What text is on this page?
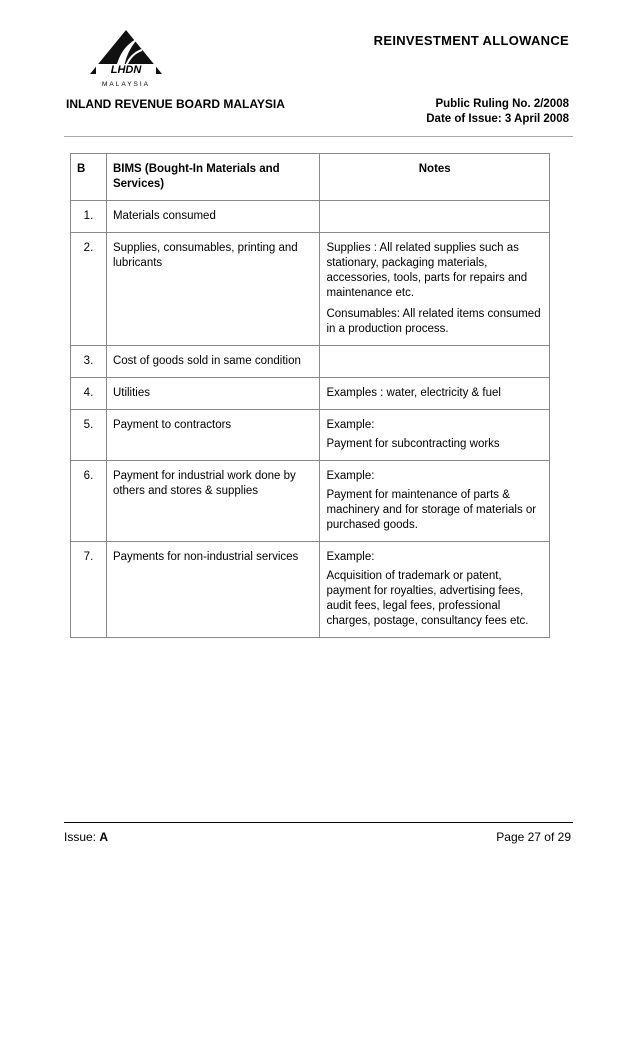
LHDN
MALAYSIA
REINVESTMENT ALLOWANCE
INLAND REVENUE BOARD MALAYSIA	Public Ruling No. 2/2008
Date of Issue: 3 April 2008
B	BIMS (Bought-In Materials and Services)	Notes
1.	Materials consumed	
2.	Supplies, consumables, printing and lubricants	Supplies : All related supplies such as stationary, packaging materials, accessories, tools, parts for repairs and maintenance etc.
Consumables: All related items consumed in a production process.

3.	Cost of goods sold in same condition	
4.	Utilities	Examples : water, electricity & fuel

5.	Payment to contractors	Example:
Payment for subcontracting works

6.	Payment for industrial work done by others and stores & supplies	Example:
Payment for maintenance of parts & machinery and for storage of materials or purchased goods.

7.	Payments for non-industrial services	Example:
Acquisition of trademark or patent, payment for royalties, advertising fees, audit fees, legal fees, professional charges, postage, consultancy fees etc.
Issue: A	Page 27 of 29
